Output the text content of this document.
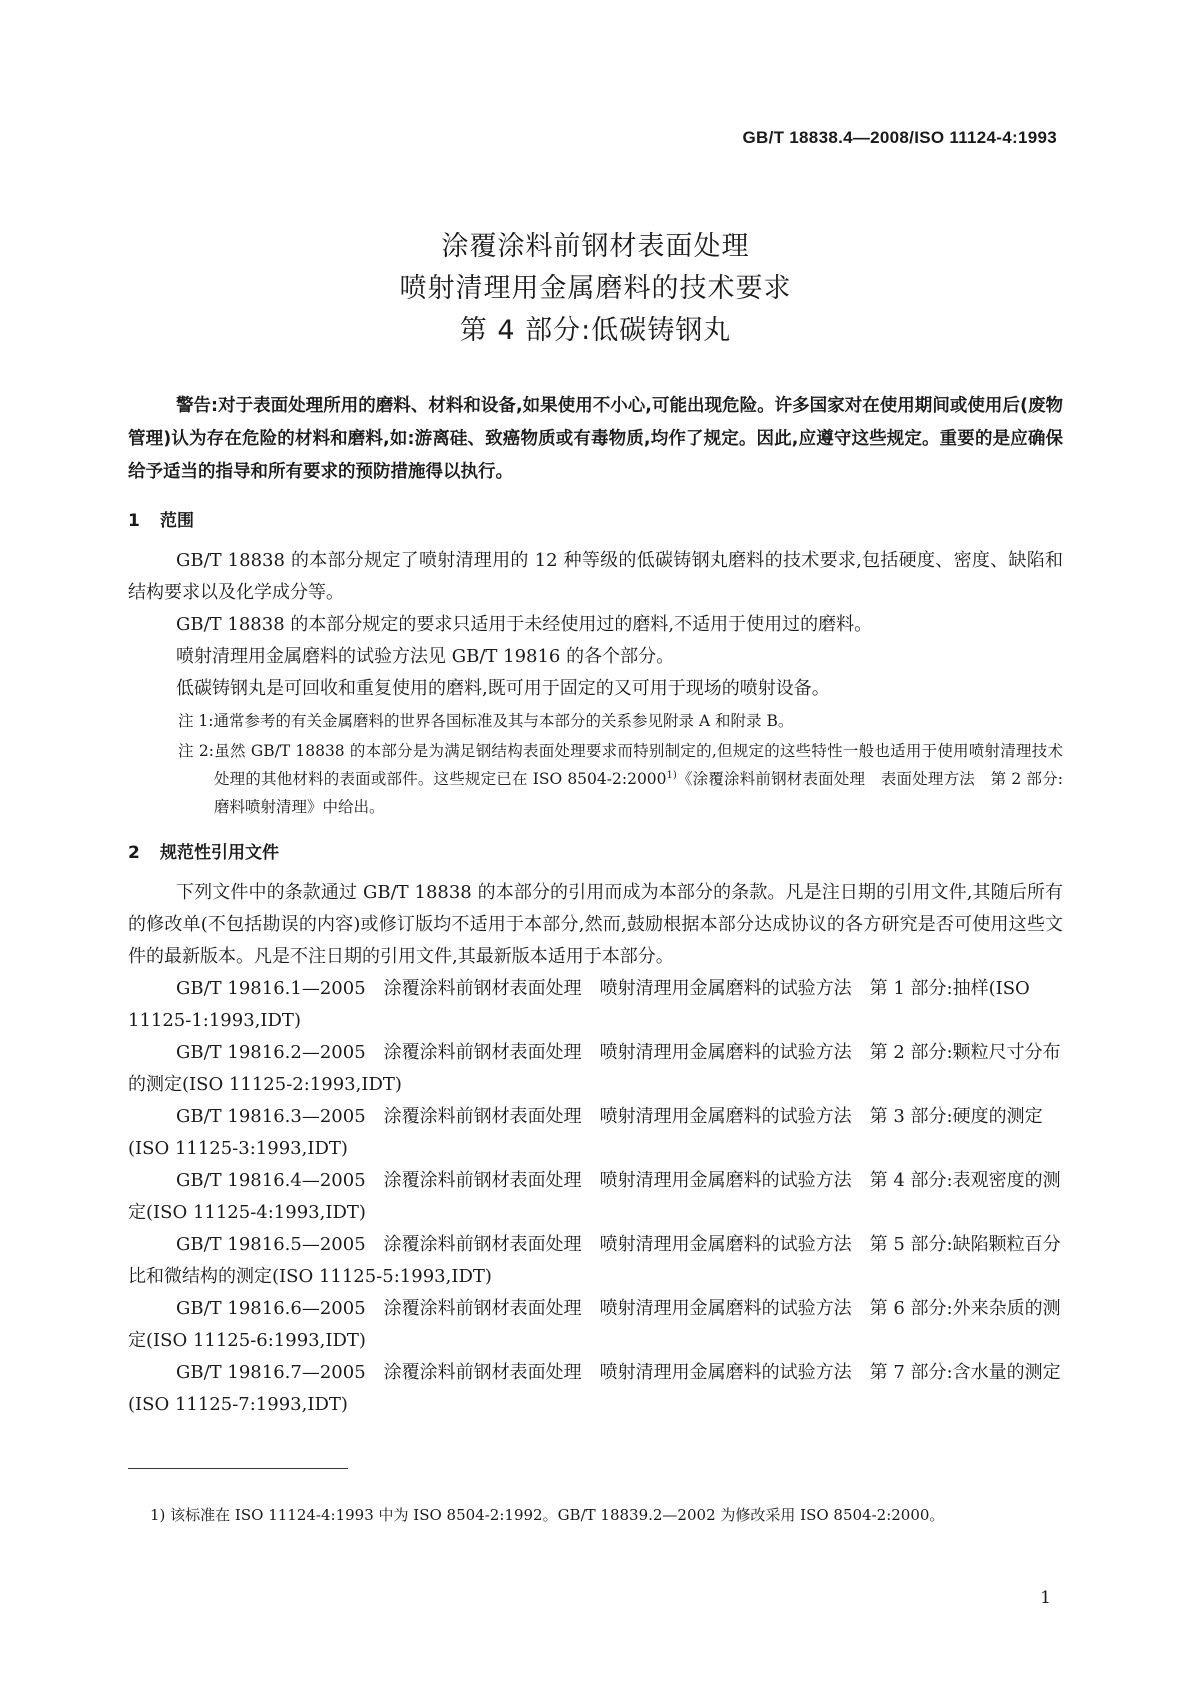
GB/T 18838.4—2008/ISO 11124-4:1993
涂覆涂料前钢材表面处理
喷射清理用金属磨料的技术要求
第 4 部分:低碳铸钢丸

警告:对于表面处理所用的磨料、材料和设备,如果使用不小心,可能出现危险。许多国家对在使用期间或使用后(废物管理)认为存在危险的材料和磨料,如:游离硅、致癌物质或有毒物质,均作了规定。因此,应遵守这些规定。重要的是应确保给予适当的指导和所有要求的预防措施得以执行。

1 范围

GB/T 18838 的本部分规定了喷射清理用的 12 种等级的低碳铸钢丸磨料的技术要求,包括硬度、密度、缺陷和结构要求以及化学成分等。

GB/T 18838 的本部分规定的要求只适用于未经使用过的磨料,不适用于使用过的磨料。

喷射清理用金属磨料的试验方法见 GB/T 19816 的各个部分。

低碳铸钢丸是可回收和重复使用的磨料,既可用于固定的又可用于现场的喷射设备。

注 1:通常参考的有关金属磨料的世界各国标准及其与本部分的关系参见附录 A 和附录 B。

注 2:虽然 GB/T 18838 的本部分是为满足钢结构表面处理要求而特别制定的,但规定的这些特性一般也适用于使用喷射清理技术处理的其他材料的表面或部件。这些规定已在 ISO 8504-2:2000$^{1)}$《涂覆涂料前钢材表面处理　表面处理方法　第 2 部分:磨料喷射清理》中给出。

2 规范性引用文件

下列文件中的条款通过 GB/T 18838 的本部分的引用而成为本部分的条款。凡是注日期的引用文件,其随后所有的修改单(不包括勘误的内容)或修订版均不适用于本部分,然而,鼓励根据本部分达成协议的各方研究是否可使用这些文件的最新版本。凡是不注日期的引用文件,其最新版本适用于本部分。

GB/T 19816.1—2005　涂覆涂料前钢材表面处理　喷射清理用金属磨料的试验方法　第 1 部分:抽样(ISO 11125-1:1993,IDT)

GB/T 19816.2—2005　涂覆涂料前钢材表面处理　喷射清理用金属磨料的试验方法　第 2 部分:颗粒尺寸分布的测定(ISO 11125-2:1993,IDT)

GB/T 19816.3—2005　涂覆涂料前钢材表面处理　喷射清理用金属磨料的试验方法　第 3 部分:硬度的测定(ISO 11125-3:1993,IDT)

GB/T 19816.4—2005　涂覆涂料前钢材表面处理　喷射清理用金属磨料的试验方法　第 4 部分:表观密度的测定(ISO 11125-4:1993,IDT)

GB/T 19816.5—2005　涂覆涂料前钢材表面处理　喷射清理用金属磨料的试验方法　第 5 部分:缺陷颗粒百分比和微结构的测定(ISO 11125-5:1993,IDT)

GB/T 19816.6—2005　涂覆涂料前钢材表面处理　喷射清理用金属磨料的试验方法　第 6 部分:外来杂质的测定(ISO 11125-6:1993,IDT)

GB/T 19816.7—2005　涂覆涂料前钢材表面处理　喷射清理用金属磨料的试验方法　第 7 部分:含水量的测定(ISO 11125-7:1993,IDT)

1) 该标准在 ISO 11124-4:1993 中为 ISO 8504-2:1992。GB/T 18839.2—2002 为修改采用 ISO 8504-2:2000。
1
